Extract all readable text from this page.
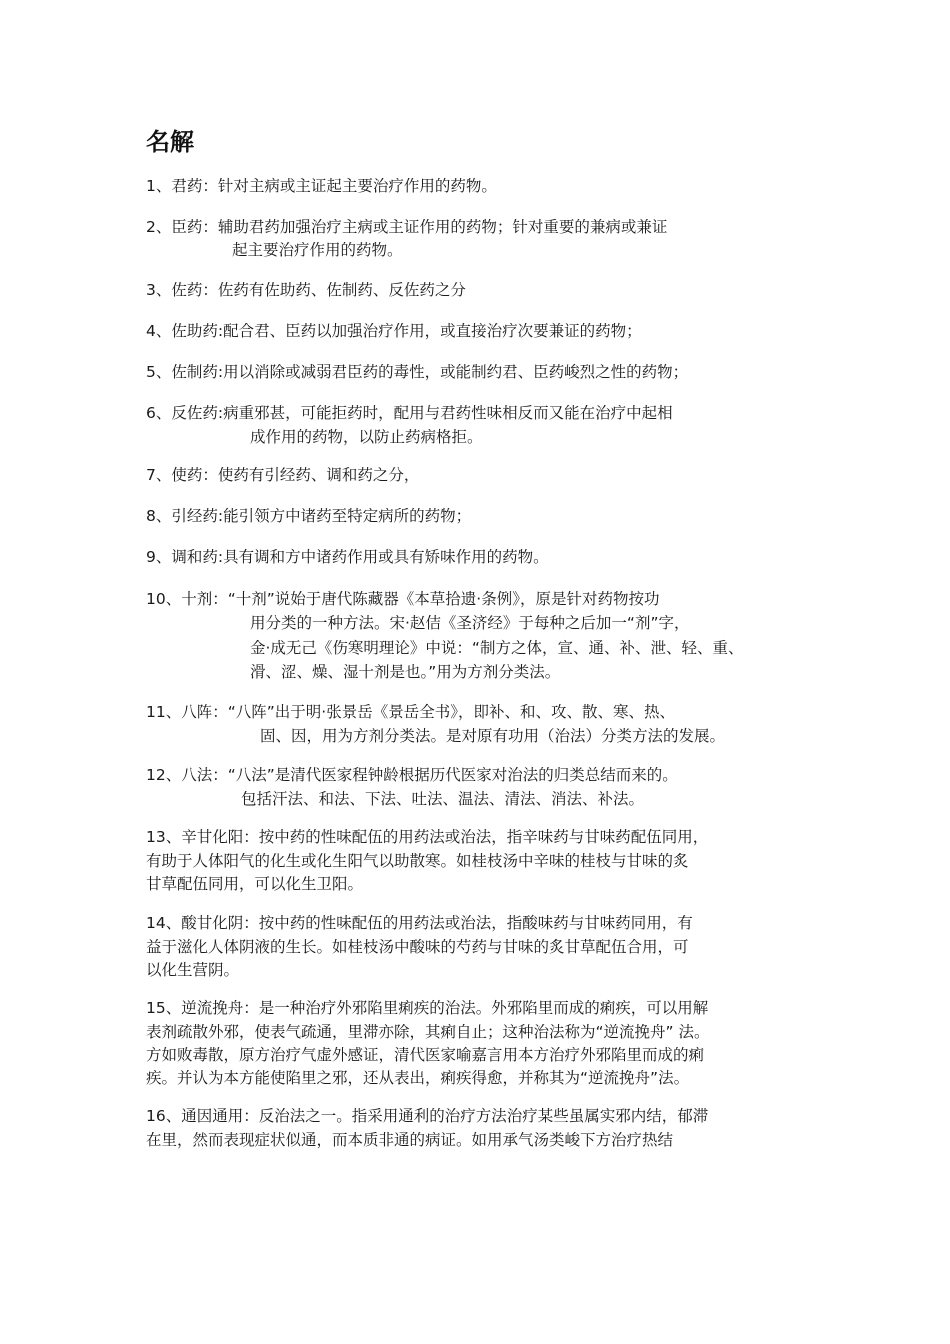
名解
1、君药：针对主病或主证起主要治疗作用的药物。
2、臣药：辅助君药加强治疗主病或主证作用的药物；针对重要的兼病或兼证
起主要治疗作用的药物。
3、佐药：佐药有佐助药、佐制药、反佐药之分
4、佐助药:配合君、臣药以加强治疗作用，或直接治疗次要兼证的药物；
5、佐制药:用以消除或减弱君臣药的毒性，或能制约君、臣药峻烈之性的药物；
6、反佐药:病重邪甚，可能拒药时，配用与君药性味相反而又能在治疗中起相
成作用的药物，以防止药病格拒。
7、使药：使药有引经药、调和药之分，
8、引经药:能引领方中诸药至特定病所的药物；
9、调和药:具有调和方中诸药作用或具有矫味作用的药物。
10、十剂：“十剂”说始于唐代陈藏器《本草拾遗·条例》，原是针对药物按功
用分类的一种方法。宋·赵佶《圣济经》于每种之后加一“剂”字，
金·成无己《伤寒明理论》中说：“制方之体，宣、通、补、泄、轻、重、
滑、涩、燥、湿十剂是也。”用为方剂分类法。
11、八阵：“八阵”出于明·张景岳《景岳全书》，即补、和、攻、散、寒、热、
固、因，用为方剂分类法。是对原有功用（治法）分类方法的发展。
12、八法：“八法”是清代医家程钟龄根据历代医家对治法的归类总结而来的。
包括汗法、和法、下法、吐法、温法、清法、消法、补法。
13、辛甘化阳：按中药的性味配伍的用药法或治法，指辛味药与甘味药配伍同用，
有助于人体阳气的化生或化生阳气以助散寒。如桂枝汤中辛味的桂枝与甘味的炙
甘草配伍同用，可以化生卫阳。
14、酸甘化阴：按中药的性味配伍的用药法或治法，指酸味药与甘味药同用，有
益于滋化人体阴液的生长。如桂枝汤中酸味的芍药与甘味的炙甘草配伍合用，可
以化生营阴。
15、逆流挽舟：是一种治疗外邪陷里痢疾的治法。外邪陷里而成的痢疾，可以用解
表剂疏散外邪，使表气疏通，里滞亦除，其痢自止；这种治法称为“逆流挽舟” 法。
方如败毒散，原方治疗气虚外感证，清代医家喻嘉言用本方治疗外邪陷里而成的痢
疾。并认为本方能使陷里之邪，还从表出，痢疾得愈，并称其为“逆流挽舟”法。
16、通因通用：反治法之一。指采用通利的治疗方法治疗某些虽属实邪内结，郁滞
在里，然而表现症状似通，而本质非通的病证。如用承气汤类峻下方治疗热结
